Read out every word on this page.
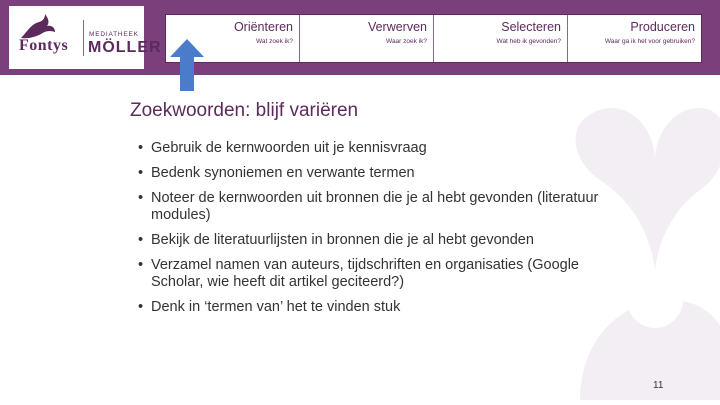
Fontys
MEDIATHEEK
MÖLLER
Oriënteren
Wat zoek ik?
Verwerven
Waar zoek ik?
Selecteren
Wat heb ik gevonden?
Produceren
Waar ga ik het voor gebruiken?
Zoekwoorden: blijf variëren
• Gebruik de kernwoorden uit je kennisvraag
• Bedenk synoniemen en verwante termen
• Noteer de kernwoorden uit bronnen die je al hebt gevonden (literatuur modules)
• Bekijk de literatuurlijsten in bronnen die je al hebt gevonden
• Verzamel namen van auteurs, tijdschriften en organisaties (Google Scholar, wie heeft dit artikel geciteerd?)
• Denk in ‘termen van’ het te vinden stuk
11
